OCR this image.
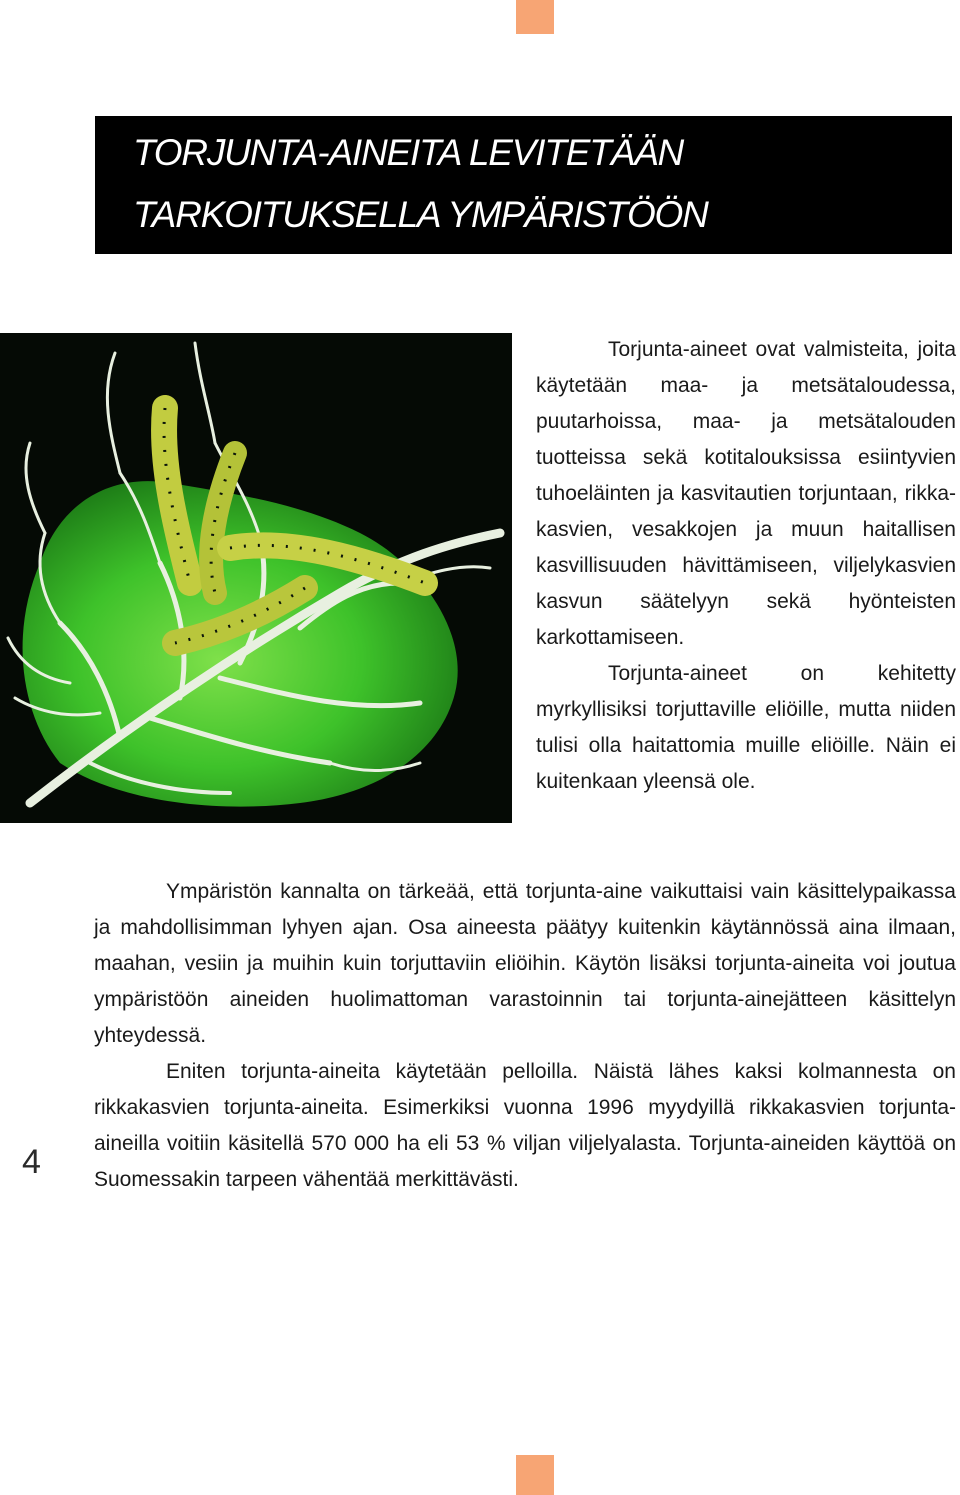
TORJUNTA-AINEITA LEVITETÄÄN
TARKOITUKSELLA YMPÄRISTÖÖN

Torjunta-aineet ovat valmisteita, joita käytetään maa- ja metsätaloudessa, puutarhoissa, maa- ja metsätalouden tuotteissa sekä kotitalouksissa esiintyvien tuhoeläinten ja kasvitautien torjuntaan, rikkakasvien, vesakkojen ja muun haitallisen kasvillisuuden hävittämiseen, viljelykasvien kasvun säätelyyn sekä hyönteisten karkottamiseen.

Torjunta-aineet on kehitetty myrkyllisiksi torjuttaville eliöille, mutta niiden tulisi olla haitattomia muille eliöille. Näin ei kuitenkaan yleensä ole.

Ympäristön kannalta on tärkeää, että torjunta-aine vaikuttaisi vain käsittelypaikassa ja mahdollisimman lyhyen ajan. Osa aineesta päätyy kuitenkin käytännössä aina ilmaan, maahan, vesiin ja muihin kuin torjuttaviin eliöihin. Käytön lisäksi torjunta-aineita voi joutua ympäristöön aineiden huolimattoman varastoinnin tai torjunta-ainejätteen käsittelyn yhteydessä.

Eniten torjunta-aineita käytetään pelloilla. Näistä lähes kaksi kolmannesta on rikkakasvien torjunta-aineita. Esimerkiksi vuonna 1996 myydyillä rikkakasvien torjunta-aineilla voitiin käsitellä 570 000 ha eli 53 % viljan viljelyalasta. Torjunta-aineiden käyttöä on Suomessakin tarpeen vähentää merkittävästi.

4
